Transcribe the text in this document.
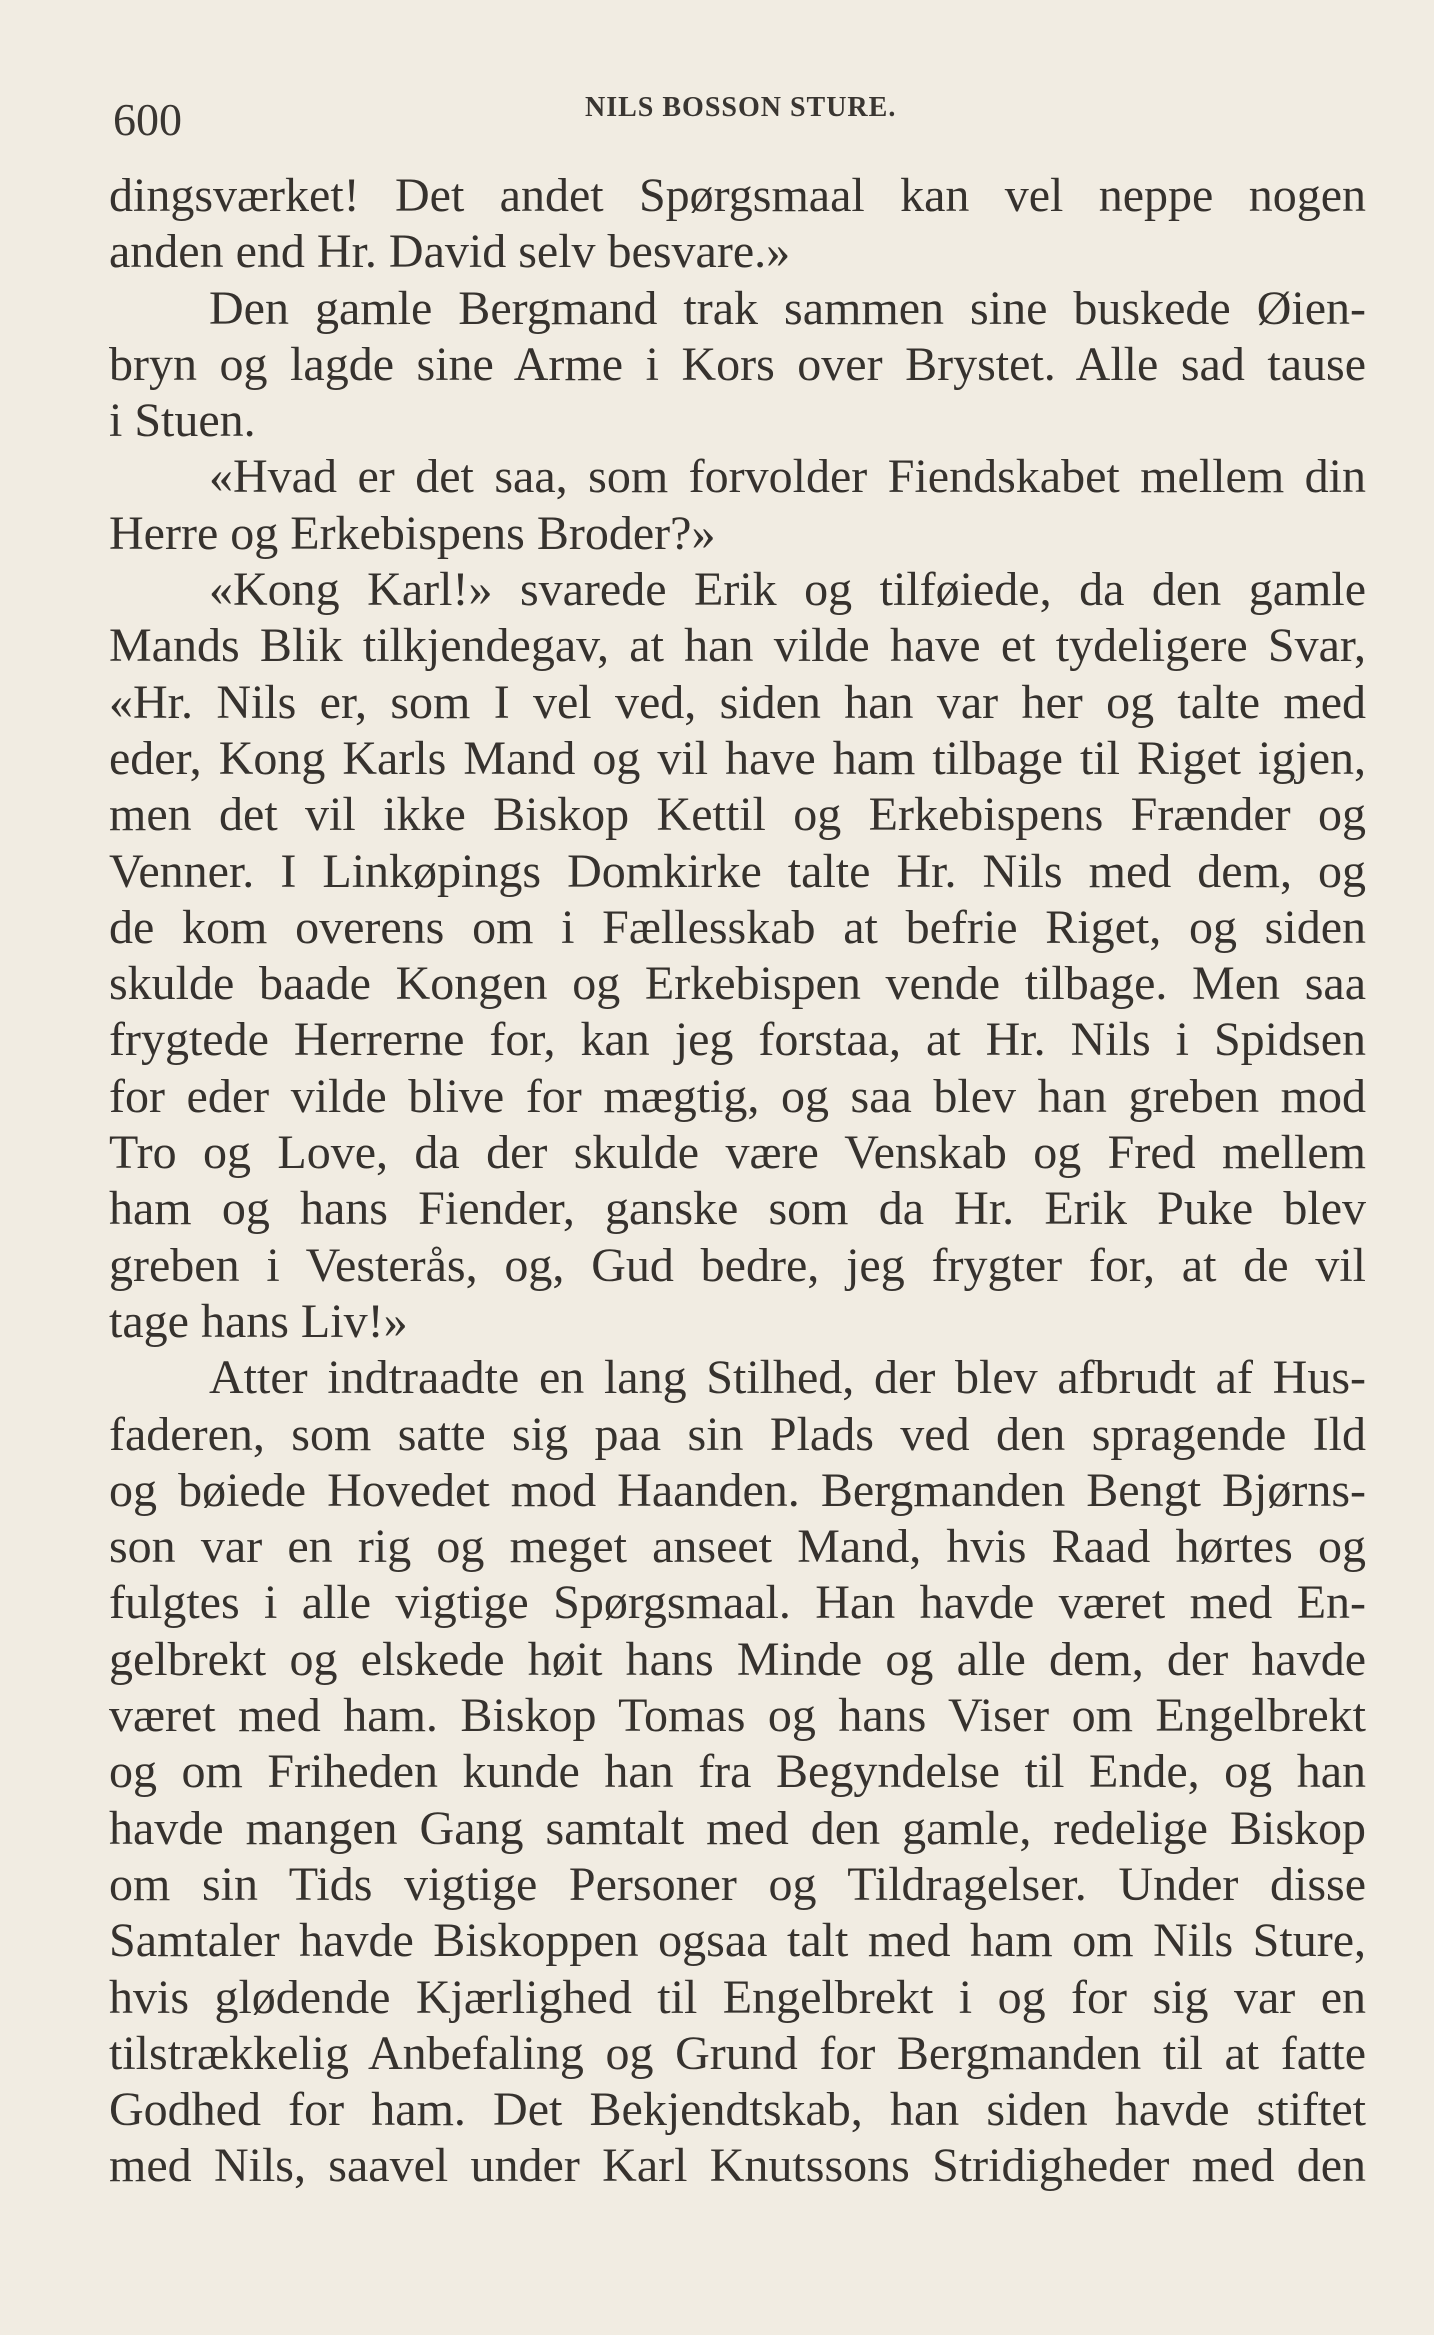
600	NILS BOSSON STURE.
dingsværket! Det andet Spørgsmaal kan vel neppe nogen
anden end Hr. David selv besvare.»
Den gamle Bergmand trak sammen sine buskede Øien-
bryn og lagde sine Arme i Kors over Brystet. Alle sad tause
i Stuen.
«Hvad er det saa, som forvolder Fiendskabet mellem din
Herre og Erkebispens Broder?»
«Kong Karl!» svarede Erik og tilføiede, da den gamle
Mands Blik tilkjendegav, at han vilde have et tydeligere Svar,
«Hr. Nils er, som I vel ved, siden han var her og talte med
eder, Kong Karls Mand og vil have ham tilbage til Riget igjen,
men det vil ikke Biskop Kettil og Erkebispens Frænder og
Venner. I Linkøpings Domkirke talte Hr. Nils med dem, og
de kom overens om i Fællesskab at befrie Riget, og siden
skulde baade Kongen og Erkebispen vende tilbage. Men saa
frygtede Herrerne for, kan jeg forstaa, at Hr. Nils i Spidsen
for eder vilde blive for mægtig, og saa blev han greben mod
Tro og Love, da der skulde være Venskab og Fred mellem
ham og hans Fiender, ganske som da Hr. Erik Puke blev
greben i Vesterås, og, Gud bedre, jeg frygter for, at de vil
tage hans Liv!»
Atter indtraadte en lang Stilhed, der blev afbrudt af Hus-
faderen, som satte sig paa sin Plads ved den spragende Ild
og bøiede Hovedet mod Haanden. Bergmanden Bengt Bjørns-
son var en rig og meget anseet Mand, hvis Raad hørtes og
fulgtes i alle vigtige Spørgsmaal. Han havde været med En-
gelbrekt og elskede høit hans Minde og alle dem, der havde
været med ham. Biskop Tomas og hans Viser om Engelbrekt
og om Friheden kunde han fra Begyndelse til Ende, og han
havde mangen Gang samtalt med den gamle, redelige Biskop
om sin Tids vigtige Personer og Tildragelser. Under disse
Samtaler havde Biskoppen ogsaa talt med ham om Nils Sture,
hvis glødende Kjærlighed til Engelbrekt i og for sig var en
tilstrækkelig Anbefaling og Grund for Bergmanden til at fatte
Godhed for ham. Det Bekjendtskab, han siden havde stiftet
med Nils, saavel under Karl Knutssons Stridigheder med den
